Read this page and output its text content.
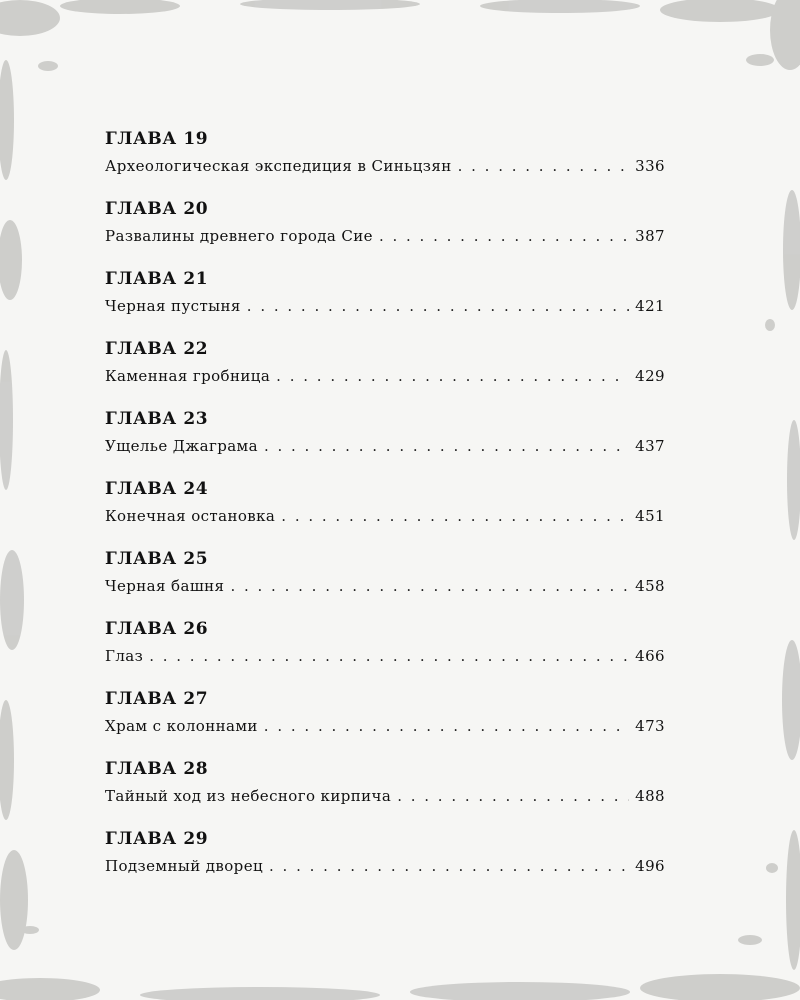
ГЛАВА 19
Археологическая экспедиция в Синьцзян . . .	336
ГЛАВА 20
Развалины древнего города Сие . . .	387
ГЛАВА 21
Черная пустыня . . .	421
ГЛАВА 22
Каменная гробница . . .	429
ГЛАВА 23
Ущелье Джаграма . . .	437
ГЛАВА 24
Конечная остановка . . .	451
ГЛАВА 25
Черная башня . . .	458
ГЛАВА 26
Глаз . . .	466
ГЛАВА 27
Храм с колоннами . . .	473
ГЛАВА 28
Тайный ход из небесного кирпича . . .	488
ГЛАВА 29
Подземный дворец . . .	496
